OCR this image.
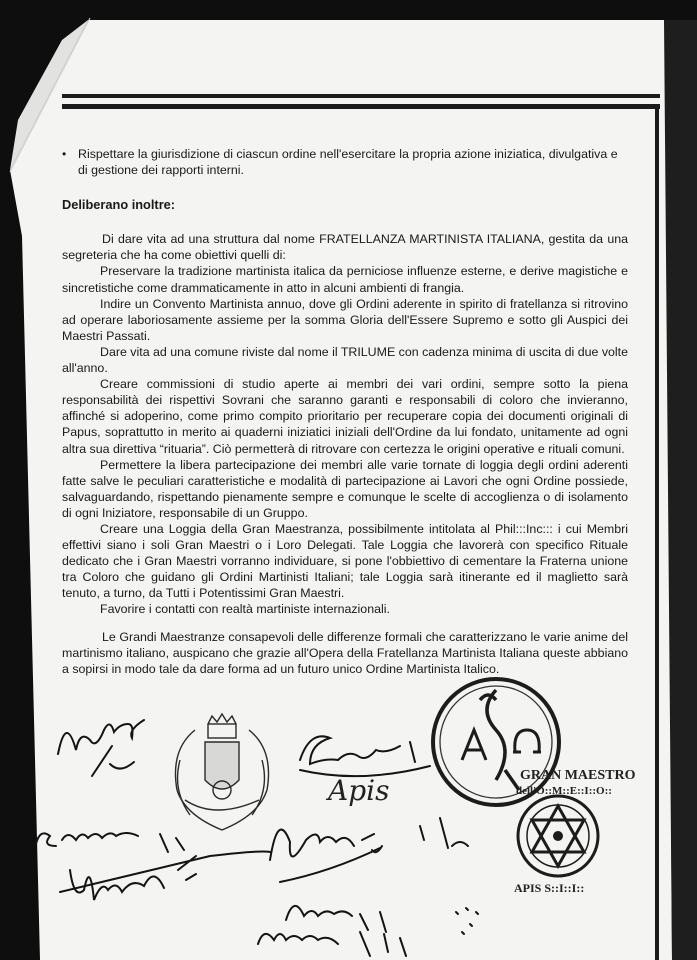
• Rispettare la giurisdizione di ciascun ordine nell'esercitare la propria azione iniziatica, divulgativa e di gestione dei rapporti interni.
Deliberano inoltre:

Di dare vita ad una struttura dal nome FRATELLANZA MARTINISTA ITALIANA, gestita da una segreteria che ha come obiettivi quelli di:

Preservare la tradizione martinista italica da perniciose influenze esterne, e derive magistiche e sincretistiche come drammaticamente in atto in alcuni ambienti di frangia.

Indire un Convento Martinista annuo, dove gli Ordini aderente in spirito di fratellanza si ritrovino ad operare laboriosamente assieme per la somma Gloria dell'Essere Supremo e sotto gli Auspici dei Maestri Passati.

Dare vita ad una comune riviste dal nome il TRILUME con cadenza minima di uscita di due volte all'anno.

Creare commissioni di studio aperte ai membri dei vari ordini, sempre sotto la piena responsabilità dei rispettivi Sovrani che saranno garanti e responsabili di coloro che invieranno, affinché si adoperino, come primo compito prioritario per recuperare copia dei documenti originali di Papus, soprattutto in merito ai quaderni iniziatici iniziali dell'Ordine da lui fondato, unitamente ad ogni altra sua direttiva “rituaria”. Ciò permetterà di ritrovare con certezza le origini operative e rituali comuni.

Permettere la libera partecipazione dei membri alle varie tornate di loggia degli ordini aderenti fatte salve le peculiari caratteristiche e modalità di partecipazione ai Lavori che ogni Ordine possiede, salvaguardando, rispettando pienamente sempre e comunque le scelte di accoglienza o di isolamento di ogni Iniziatore, responsabile di un Gruppo.

Creare una Loggia della Gran Maestranza, possibilmente intitolata al Phil:::Inc::: i cui Membri effettivi siano i soli Gran Maestri o i Loro Delegati. Tale Loggia che lavorerà con specifico Rituale dedicato che i Gran Maestri vorranno individuare, si pone l'obbiettivo di cementare la Fraterna unione tra Coloro che guidano gli Ordini Martinisti Italiani; tale Loggia sarà itinerante ed il maglietto sarà tenuto, a turno, da Tutti i Potentissimi Gran Maestri.

Favorire i contatti con realtà martiniste internazionali.

Le Grandi Maestranze consapevoli delle differenze formali che caratterizzano le varie anime del martinismo italiano, auspicano che grazie all'Opera della Fratellanza Martinista Italiana queste abbiano a sopirsi in modo tale da dare forma ad un futuro unico Ordine Martinista Italico.

Apis	GRAN MAESTRO
dell'O::M::E::I::O::
APIS S::I::I::
